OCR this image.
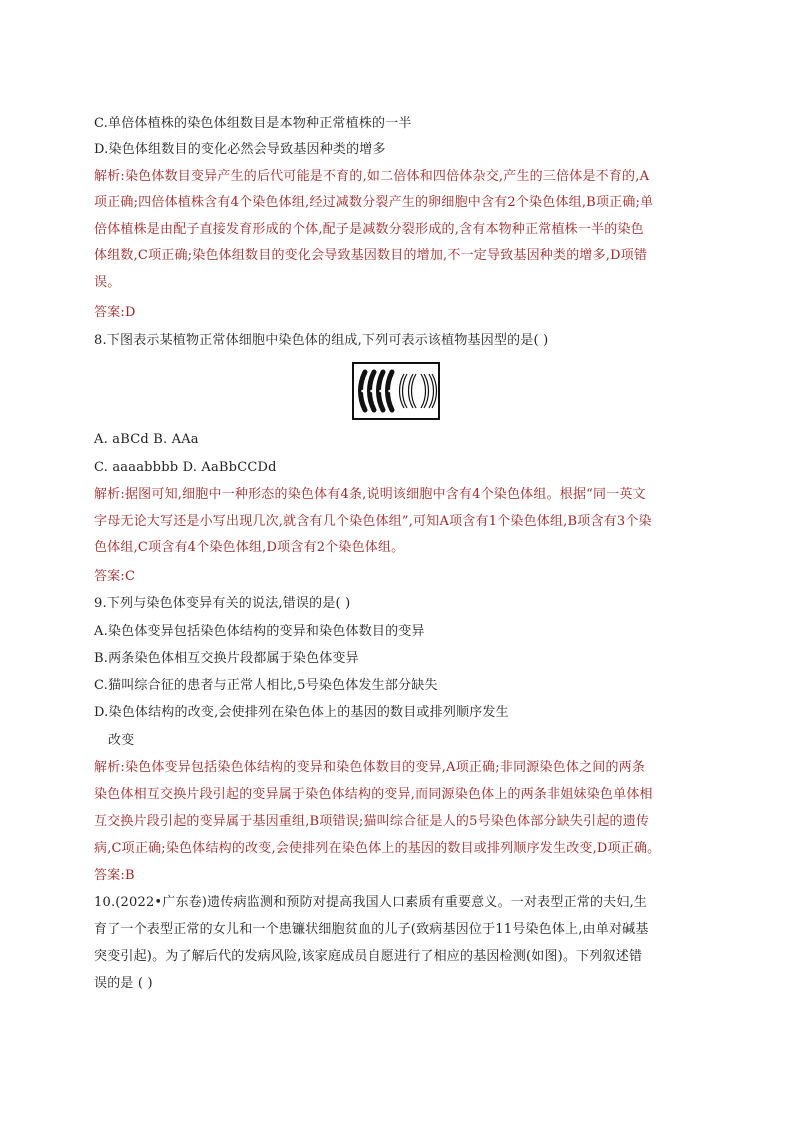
C.单倍体植株的染色体组数目是本物种正常植株的一半
D.染色体组数目的变化必然会导致基因种类的增多
解析:染色体数目变异产生的后代可能是不育的,如二倍体和四倍体杂交,产生的三倍体是不育的,A
项正确;四倍体植株含有4个染色体组,经过减数分裂产生的卵细胞中含有2个染色体组,B项正确;单
倍体植株是由配子直接发育形成的个体,配子是减数分裂形成的,含有本物种正常植株一半的染色
体组数,C项正确;染色体组数目的变化会导致基因数目的增加,不一定导致基因种类的增多,D项错
误。
答案:D
8.下图表示某植物正常体细胞中染色体的组成,下列可表示该植物基因型的是( )
A. aBCd B. AAa
C. aaaabbbb D. AaBbCCDd
解析:据图可知,细胞中一种形态的染色体有4条,说明该细胞中含有4个染色体组。根据“同一英文
字母无论大写还是小写出现几次,就含有几个染色体组”,可知A项含有1个染色体组,B项含有3个染
色体组,C项含有4个染色体组,D项含有2个染色体组。
答案:C
9.下列与染色体变异有关的说法,错误的是( )
A.染色体变异包括染色体结构的变异和染色体数目的变异
B.两条染色体相互交换片段都属于染色体变异
C.猫叫综合征的患者与正常人相比,5号染色体发生部分缺失
D.染色体结构的改变,会使排列在染色体上的基因的数目或排列顺序发生
改变
解析:染色体变异包括染色体结构的变异和染色体数目的变异,A项正确;非同源染色体之间的两条
染色体相互交换片段引起的变异属于染色体结构的变异,而同源染色体上的两条非姐妹染色单体相
互交换片段引起的变异属于基因重组,B项错误;猫叫综合征是人的5号染色体部分缺失引起的遗传
病,C项正确;染色体结构的改变,会使排列在染色体上的基因的数目或排列顺序发生改变,D项正确。
答案:B
10.(2022•广东卷)遗传病监测和预防对提高我国人口素质有重要意义。一对表型正常的夫妇,生
育了一个表型正常的女儿和一个患镰状细胞贫血的儿子(致病基因位于11号染色体上,由单对碱基
突变引起)。为了解后代的发病风险,该家庭成员自愿进行了相应的基因检测(如图)。下列叙述错
误的是 ( )
